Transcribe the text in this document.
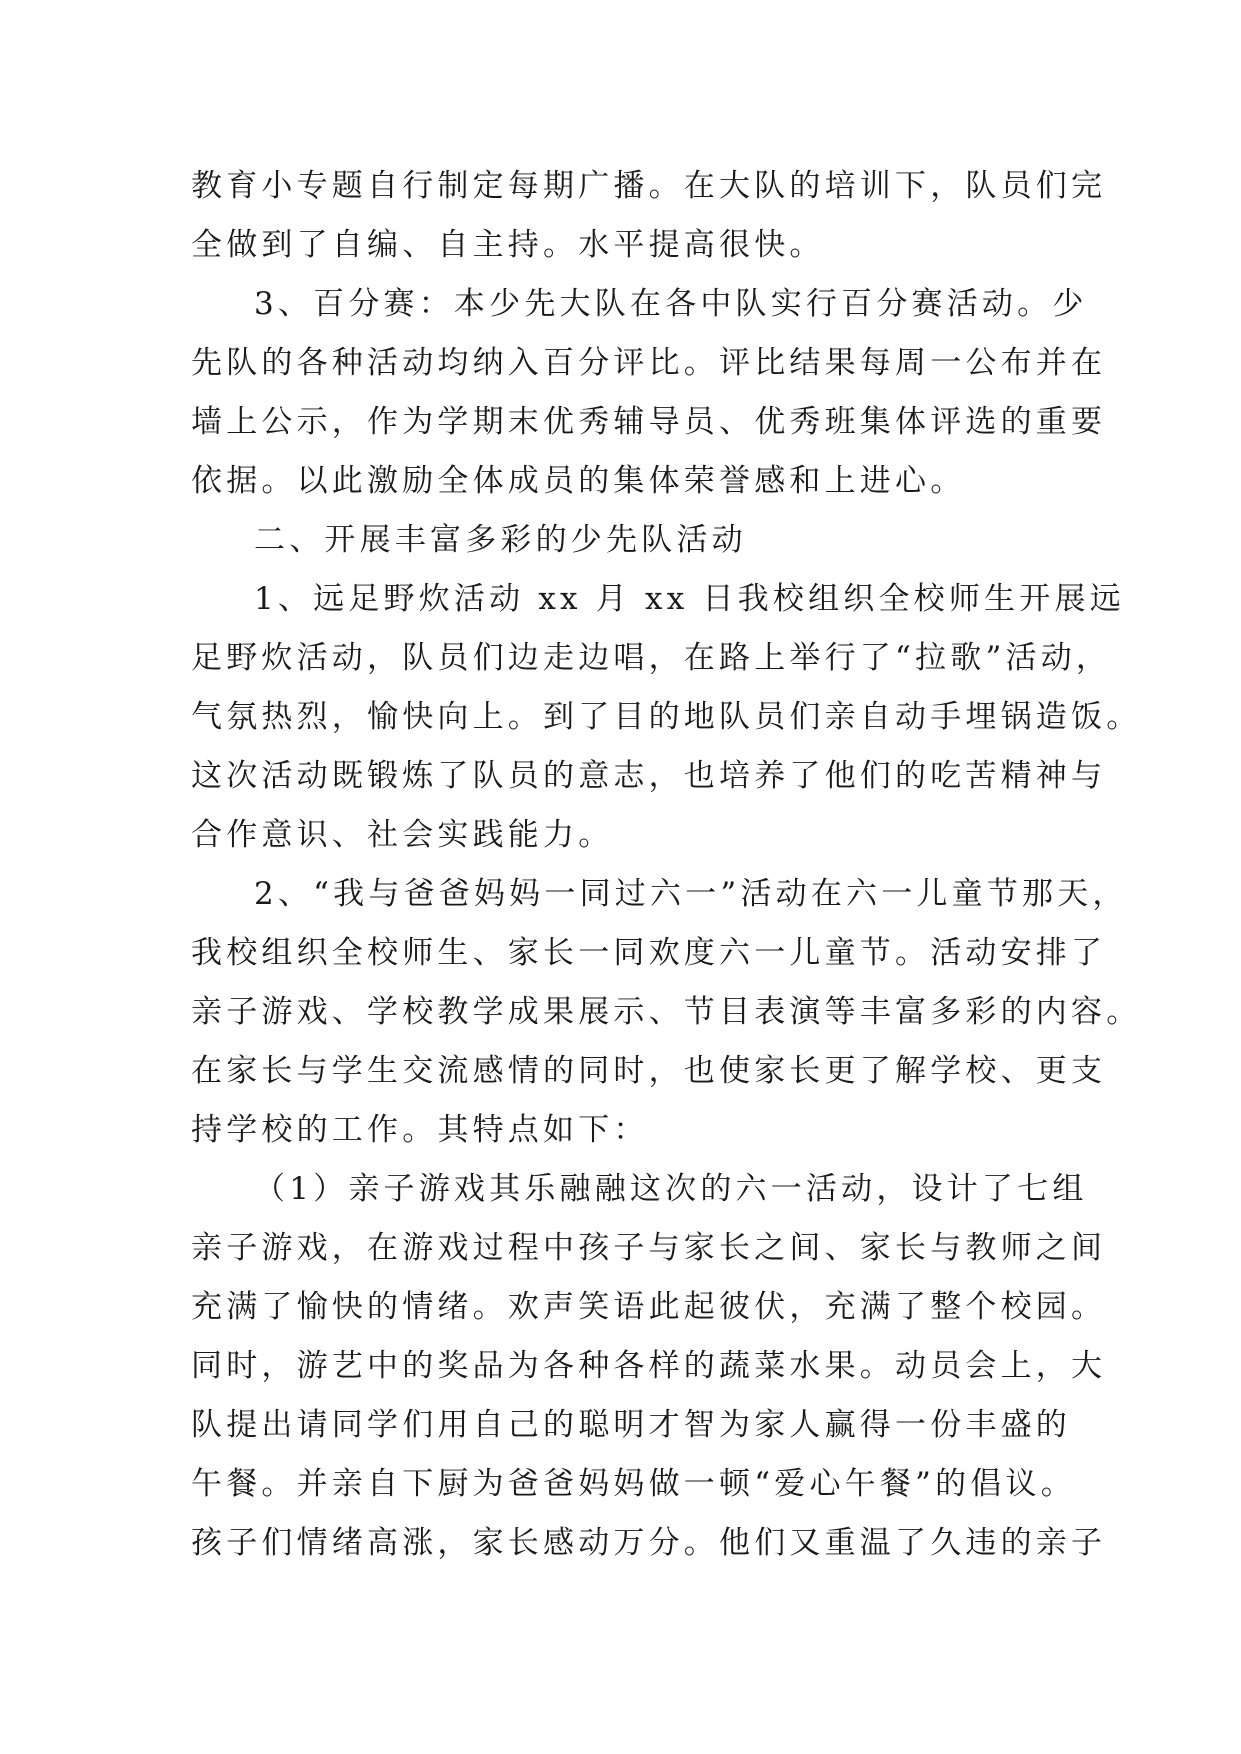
教育小专题自行制定每期广播。在大队的培训下，队员们完
全做到了自编、自主持。水平提高很快。
3、百分赛：本少先大队在各中队实行百分赛活动。少
先队的各种活动均纳入百分评比。评比结果每周一公布并在
墙上公示，作为学期末优秀辅导员、优秀班集体评选的重要
依据。以此激励全体成员的集体荣誉感和上进心。
二、开展丰富多彩的少先队活动
1、远足野炊活动 xx 月 xx 日我校组织全校师生开展远
足野炊活动，队员们边走边唱，在路上举行了“拉歌”活动，
气氛热烈，愉快向上。到了目的地队员们亲自动手埋锅造饭。
这次活动既锻炼了队员的意志，也培养了他们的吃苦精神与
合作意识、社会实践能力。
2、“我与爸爸妈妈一同过六一”活动在六一儿童节那天，
我校组织全校师生、家长一同欢度六一儿童节。活动安排了
亲子游戏、学校教学成果展示、节目表演等丰富多彩的内容。
在家长与学生交流感情的同时，也使家长更了解学校、更支
持学校的工作。其特点如下：
（1）亲子游戏其乐融融这次的六一活动，设计了七组
亲子游戏，在游戏过程中孩子与家长之间、家长与教师之间
充满了愉快的情绪。欢声笑语此起彼伏，充满了整个校园。
同时，游艺中的奖品为各种各样的蔬菜水果。动员会上，大
队提出请同学们用自己的聪明才智为家人赢得一份丰盛的
午餐。并亲自下厨为爸爸妈妈做一顿“爱心午餐”的倡议。
孩子们情绪高涨，家长感动万分。他们又重温了久违的亲子
